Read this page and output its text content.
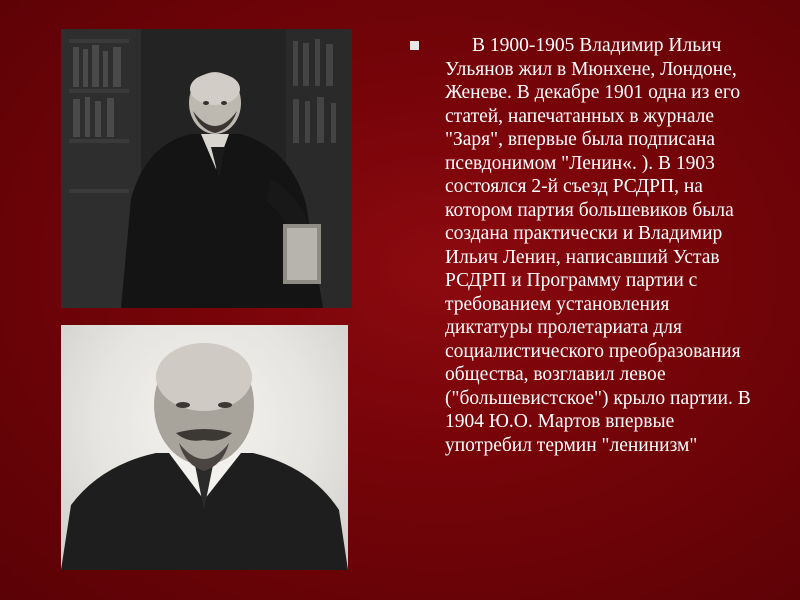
В 1900-1905 Владимир Ильич Ульянов жил в Мюнхене, Лондоне, Женеве. В декабре 1901 одна из его статей, напечатанных в журнале "Заря", впервые была подписана псевдонимом "Ленин«. ). В 1903 состоялся 2-й съезд РСДРП, на котором партия большевиков была создана практически и Владимир Ильич Ленин, написавший Устав РСДРП и Программу партии с требованием установления диктатуры пролетариата для социалистического преобразования общества, возглавил левое ("большевистское") крыло партии. В 1904 Ю.О. Мартов впервые употребил термин "ленинизм"
